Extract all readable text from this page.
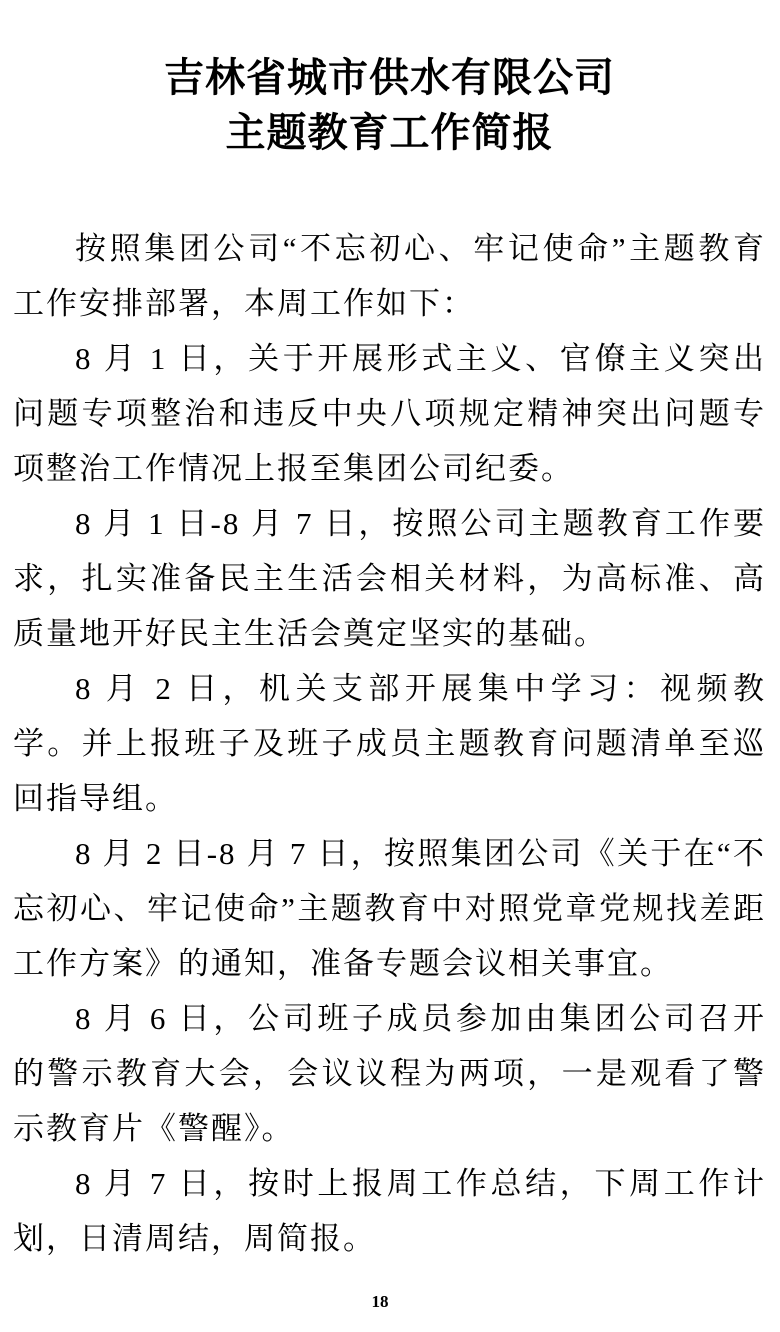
吉林省城市供水有限公司
主题教育工作简报

按照集团公司“不忘初心、牢记使命”主题教育工作安排部署，本周工作如下：

8 月 1 日，关于开展形式主义、官僚主义突出问题专项整治和违反中央八项规定精神突出问题专项整治工作情况上报至集团公司纪委。

8 月 1 日-8 月 7 日，按照公司主题教育工作要求，扎实准备民主生活会相关材料，为高标准、高质量地开好民主生活会奠定坚实的基础。

8 月 2 日，机关支部开展集中学习：视频教学。并上报班子及班子成员主题教育问题清单至巡回指导组。

8 月 2 日-8 月 7 日，按照集团公司《关于在“不忘初心、牢记使命”主题教育中对照党章党规找差距工作方案》的通知，准备专题会议相关事宜。

8 月 6 日，公司班子成员参加由集团公司召开的警示教育大会，会议议程为两项，一是观看了警示教育片《警醒》。

8 月 7 日，按时上报周工作总结，下周工作计划，日清周结，周简报。

18
